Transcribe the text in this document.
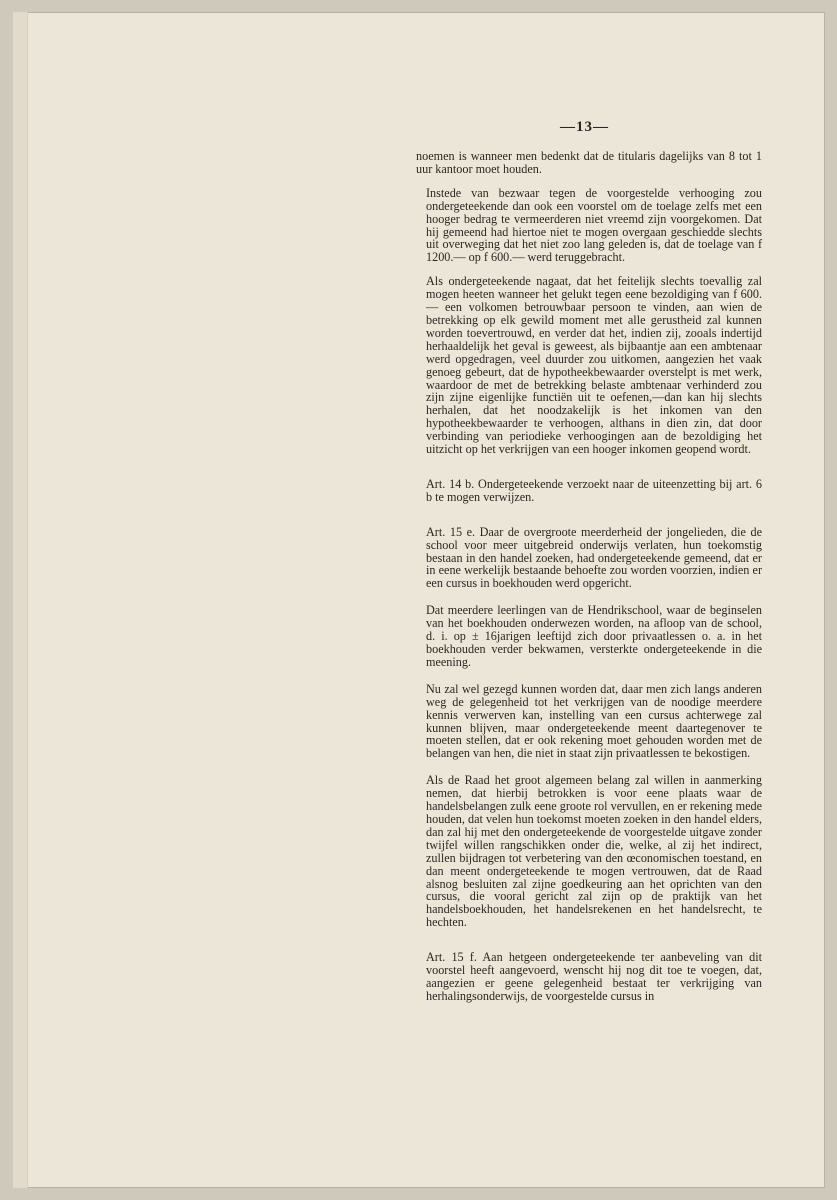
—13—

noemen is wanneer men bedenkt dat de titularis dagelijks van 8 tot 1 uur kantoor moet houden.

Instede van bezwaar tegen de voorgestelde verhooging zou ondergeteekende dan ook een voorstel om de toelage zelfs met een hooger bedrag te vermeerderen niet vreemd zijn voorgekomen. Dat hij gemeend had hiertoe niet te mogen overgaan geschiedde slechts uit overweging dat het niet zoo lang geleden is, dat de toelage van f 1200.— op f 600.— werd teruggebracht.

Als ondergeteekende nagaat, dat het feitelijk slechts toevallig zal mogen heeten wanneer het gelukt tegen eene bezoldiging van f 600.— een volkomen betrouwbaar persoon te vinden, aan wien de betrekking op elk gewild moment met alle gerustheid zal kunnen worden toevertrouwd, en verder dat het, indien zij, zooals indertijd herhaaldelijk het geval is geweest, als bijbaantje aan een ambtenaar werd opgedragen, veel duurder zou uitkomen, aangezien het vaak genoeg gebeurt, dat de hypotheekbewaarder overstelpt is met werk, waardoor de met de betrekking belaste ambtenaar verhinderd zou zijn zijne eigenlijke functiën uit te oefenen,—dan kan hij slechts herhalen, dat het noodzakelijk is het inkomen van den hypotheekbewaarder te verhoogen, althans in dien zin, dat door verbinding van periodieke verhoogingen aan de bezoldiging het uitzicht op het verkrijgen van een hooger inkomen geopend wordt.

Art. 14 b. Ondergeteekende verzoekt naar de uiteenzetting bij art. 6 b te mogen verwijzen.

Art. 15 e. Daar de overgroote meerderheid der jongelieden, die de school voor meer uitgebreid onderwijs verlaten, hun toekomstig bestaan in den handel zoeken, had ondergeteekende gemeend, dat er in eene werkelijk bestaande behoefte zou worden voorzien, indien er een cursus in boekhouden werd opgericht.

Dat meerdere leerlingen van de Hendrikschool, waar de beginselen van het boekhouden onderwezen worden, na afloop van de school, d. i. op ± 16jarigen leeftijd zich door privaatlessen o. a. in het boekhouden verder bekwamen, versterkte ondergeteekende in die meening.

Nu zal wel gezegd kunnen worden dat, daar men zich langs anderen weg de gelegenheid tot het verkrijgen van de noodige meerdere kennis verwerven kan, instelling van een cursus achterwege zal kunnen blijven, maar ondergeteekende meent daartegenover te moeten stellen, dat er ook rekening moet gehouden worden met de belangen van hen, die niet in staat zijn privaatlessen te bekostigen.

Als de Raad het groot algemeen belang zal willen in aanmerking nemen, dat hierbij betrokken is voor eene plaats waar de handelsbelangen zulk eene groote rol vervullen, en er rekening mede houden, dat velen hun toekomst moeten zoeken in den handel elders, dan zal hij met den ondergeteekende de voorgestelde uitgave zonder twijfel willen rangschikken onder die, welke, al zij het indirect, zullen bijdragen tot verbetering van den œconomischen toestand, en dan meent ondergeteekende te mogen vertrouwen, dat de Raad alsnog besluiten zal zijne goedkeuring aan het oprichten van den cursus, die vooral gericht zal zijn op de praktijk van het handelsboekhouden, het handelsrekenen en het handelsrecht, te hechten.

Art. 15 f. Aan hetgeen ondergeteekende ter aanbeveling van dit voorstel heeft aangevoerd, wenscht hij nog dit toe te voegen, dat, aangezien er geene gelegenheid bestaat ter verkrijging van herhalingsonderwijs, de voorgestelde cursus in
